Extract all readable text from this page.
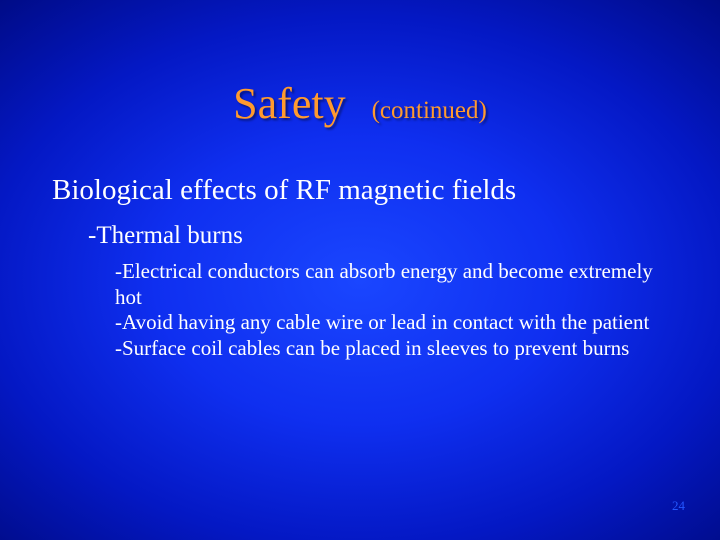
Safety (continued)
Biological effects of RF magnetic fields
-Thermal burns
-Electrical conductors can absorb energy and become extremely hot
-Avoid having any cable wire or lead in contact with the patient
-Surface coil cables can be placed in sleeves to prevent burns
24
